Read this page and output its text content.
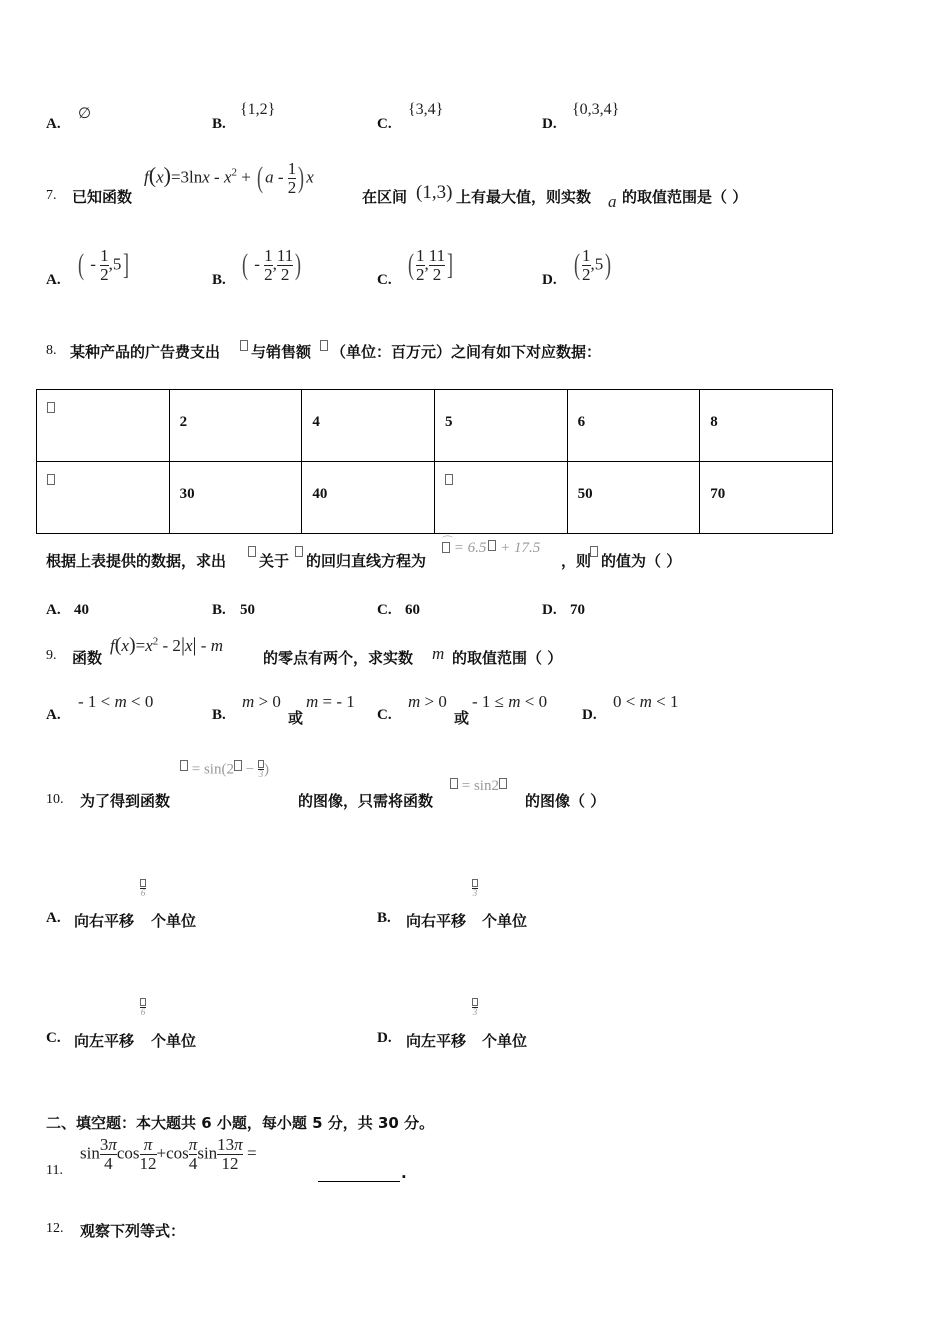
A.
∅
B.
{1,2}
C.
{3,4}
D.
{0,3,4}
7. 已知函数
$f(x)=3\ln x - x^2$ + ( a - $\frac{1}{2}$ ) x
在区间 (1,3) 上有最大值，则实数 a 的取值范围是（ ）
A. ( - $\frac{1}{2} ,5$]	B. ( - $\frac{1}{2}$ , $\frac{11}{2}$ )	C. ( $\frac{1}{2}$ , $\frac{11}{2}$ ]	D. ( $\frac{1}{2} ,5$)
8. 某种产品的广告费支出 与销售额 （单位：百万元）之间有如下对应数据：

	2	4	5	6	8

	30	40		50	70
根据上表提供的数据，求出 关于 的回归直线方程为

⌒ = 6.5 + 17.5
，则 的值为（ ）
A. 40	B. 50	C. 60	D. 70
9. 函数
$f(x)=x^2 - 2|x| - m$
的零点有两个，求实数 m 的取值范围（ ）
A.
- 1 < m < 0
B.
m > 0
或
m = - 1
C.
m > 0
或
- 1 ≤ m < 0
D.
0 < m < 1
= sin(2 − 3 )
10. 为了得到函数	的图像，只需将函数
= sin2
的图像（ ）
A. 向右平移
6
个单位	B. 向右平移
3
个单位
C. 向左平移
6
个单位	D. 向左平移
3
个单位
二、填空题：本大题共 6 小题，每小题 5 分，共 30 分。
11.
$\sin \frac{3\pi}{4}$ $\cos \frac{\pi}{12} +\cos \frac{\pi}{4}$ $\sin \frac{13\pi}{12}$ =
.
12. 观察下列等式：
